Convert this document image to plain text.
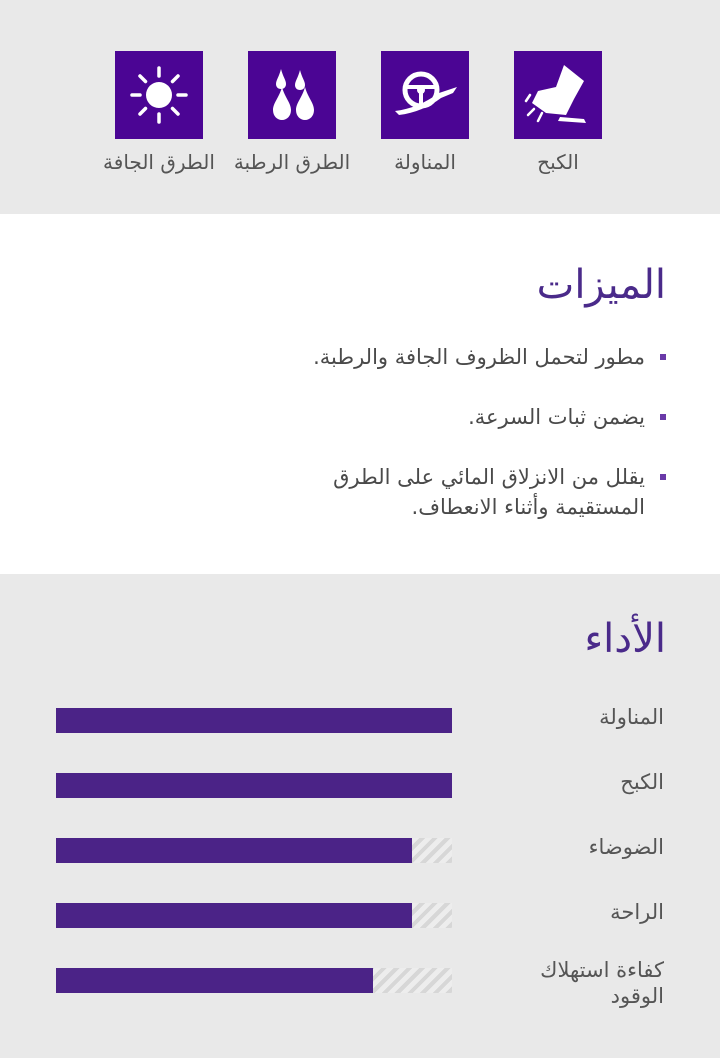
الطرق الجافة الطرق الرطبة	المناولة	الكبح
الميزات
مطور لتحمل الظروف الجافة والرطبة.
يضمن ثبات السرعة.
يقلل من الانزلاق المائي على الطرق المستقيمة وأثناء الانعطاف.
الأداء
المناولة
الكبح
الضوضاء
الراحة
كفاءة استهلاك الوقود
